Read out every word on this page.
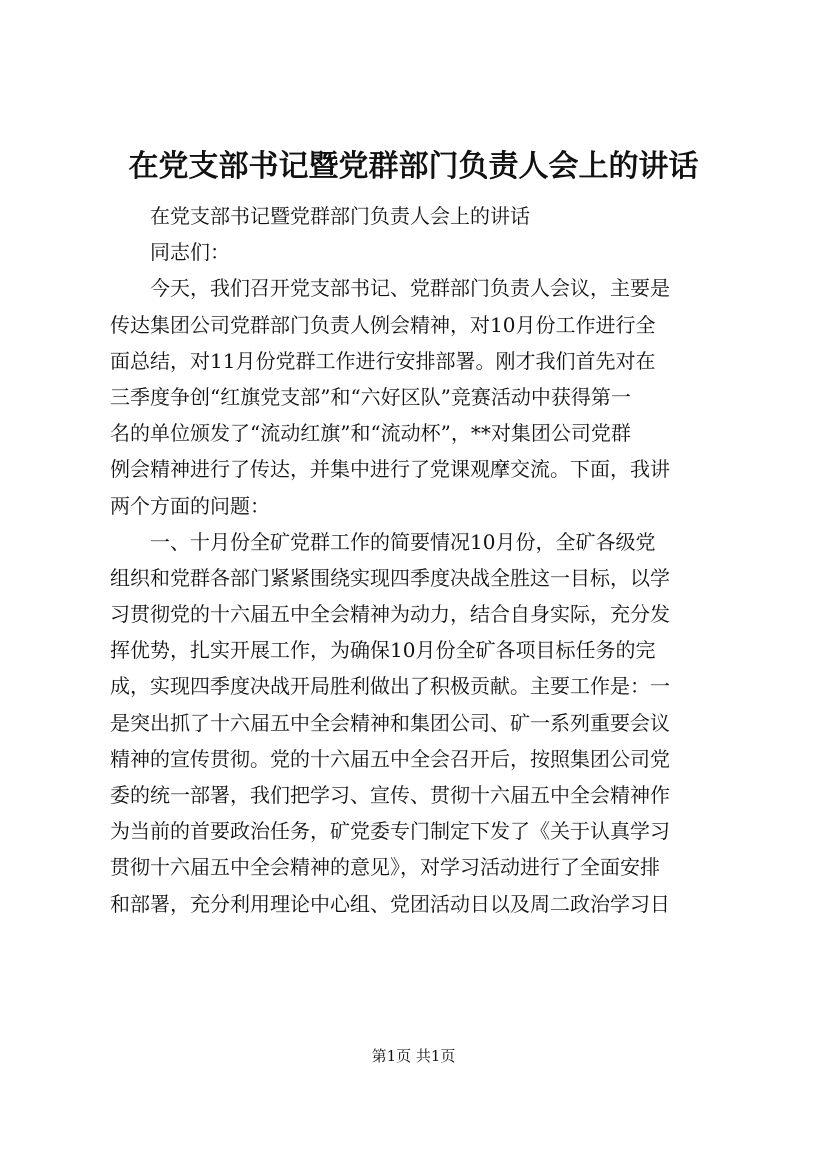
在党支部书记暨党群部门负责人会上的讲话
在党支部书记暨党群部门负责人会上的讲话
同志们：
今天，我们召开党支部书记、党群部门负责人会议，主要是
传达集团公司党群部门负责人例会精神，对10月份工作进行全
面总结，对11月份党群工作进行安排部署。刚才我们首先对在
三季度争创“红旗党支部”和“六好区队”竞赛活动中获得第一
名的单位颁发了“流动红旗”和“流动杯”，**对集团公司党群
例会精神进行了传达，并集中进行了党课观摩交流。下面，我讲
两个方面的问题：
一、十月份全矿党群工作的简要情况10月份，全矿各级党
组织和党群各部门紧紧围绕实现四季度决战全胜这一目标，以学
习贯彻党的十六届五中全会精神为动力，结合自身实际，充分发
挥优势，扎实开展工作，为确保10月份全矿各项目标任务的完
成，实现四季度决战开局胜利做出了积极贡献。主要工作是：一
是突出抓了十六届五中全会精神和集团公司、矿一系列重要会议
精神的宣传贯彻。党的十六届五中全会召开后，按照集团公司党
委的统一部署，我们把学习、宣传、贯彻十六届五中全会精神作
为当前的首要政治任务，矿党委专门制定下发了《关于认真学习
贯彻十六届五中全会精神的意见》，对学习活动进行了全面安排
和部署，充分利用理论中心组、党团活动日以及周二政治学习日
第1页 共1页
